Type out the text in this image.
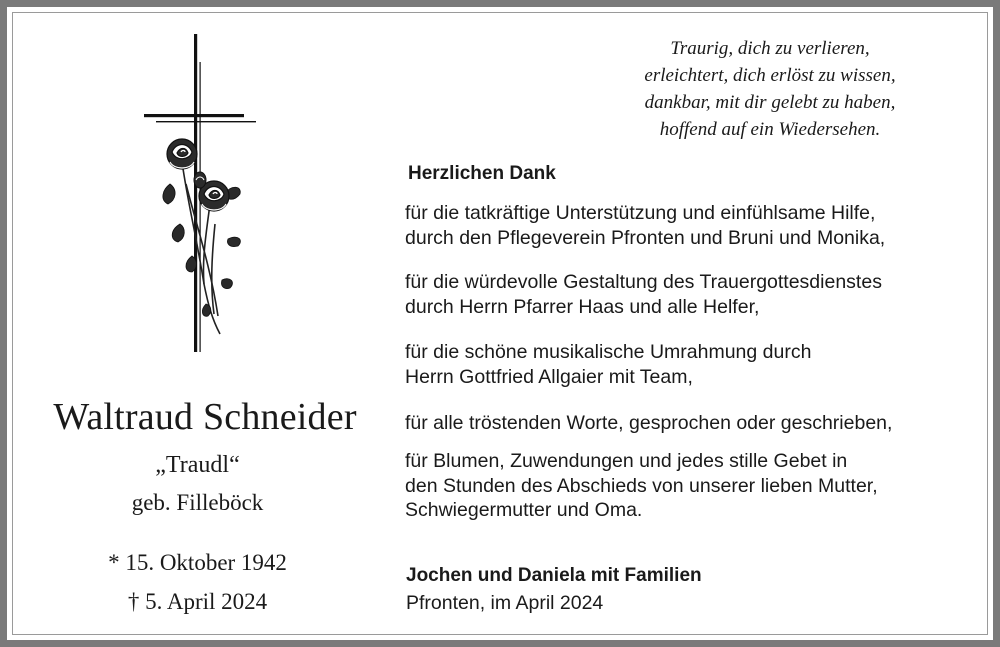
Waltraud Schneider
„Traudl“
geb. Filleböck
* 15. Oktober 1942
† 5. April 2024
Traurig, dich zu verlieren,
erleichtert, dich erlöst zu wissen,
dankbar, mit dir gelebt zu haben,
hoffend auf ein Wiedersehen.
Herzlichen Dank
für die tatkräftige Unterstützung und einfühlsame Hilfe,
durch den Pflegeverein Pfronten und Bruni und Monika,
für die würdevolle Gestaltung des Trauergottesdienstes
durch Herrn Pfarrer Haas und alle Helfer,
für die schöne musikalische Umrahmung durch
Herrn Gottfried Allgaier mit Team,
für alle tröstenden Worte, gesprochen oder geschrieben,
für Blumen, Zuwendungen und jedes stille Gebet in
den Stunden des Abschieds von unserer lieben Mutter,
Schwiegermutter und Oma.
Jochen und Daniela mit Familien
Pfronten, im April 2024
